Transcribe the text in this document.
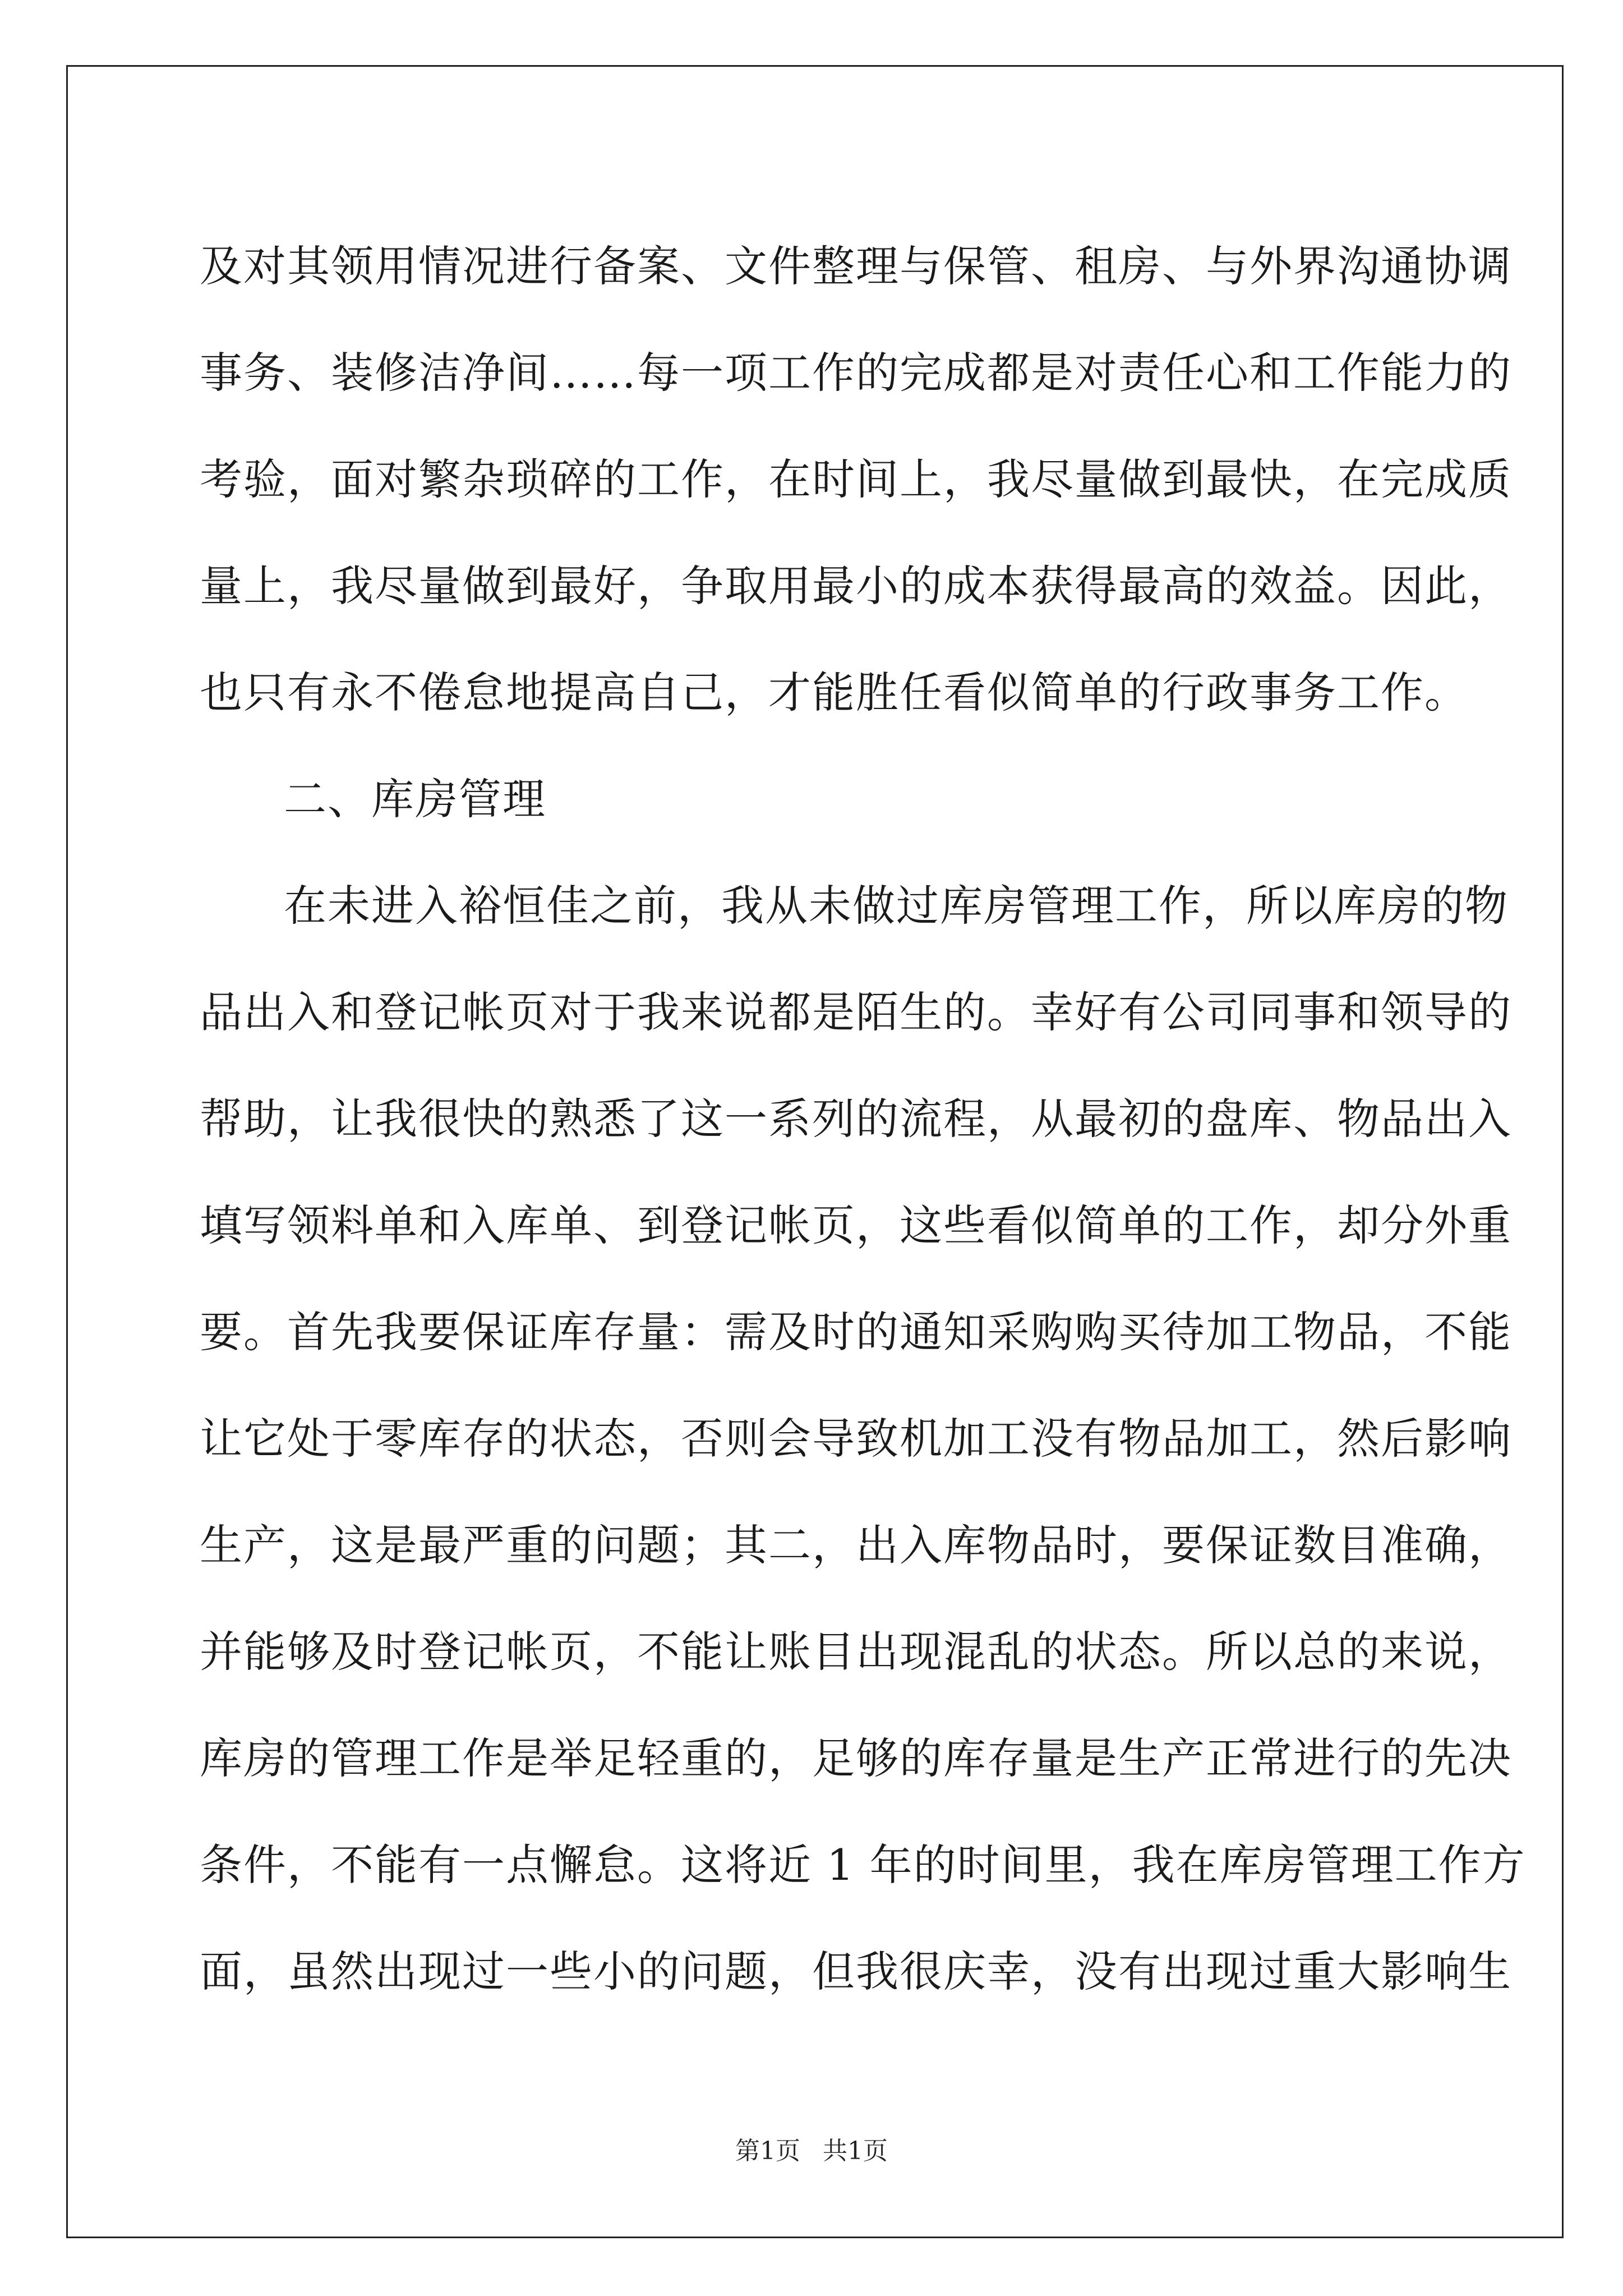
及对其领用情况进行备案、文件整理与保管、租房、与外界沟通协调
事务、装修洁净间……每一项工作的完成都是对责任心和工作能力的
考验，面对繁杂琐碎的工作，在时间上，我尽量做到最快，在完成质
量上，我尽量做到最好，争取用最小的成本获得最高的效益。因此，
也只有永不倦怠地提高自己，才能胜任看似简单的行政事务工作。
二、库房管理
在未进入裕恒佳之前，我从未做过库房管理工作，所以库房的物
品出入和登记帐页对于我来说都是陌生的。幸好有公司同事和领导的
帮助，让我很快的熟悉了这一系列的流程，从最初的盘库、物品出入
填写领料单和入库单、到登记帐页，这些看似简单的工作，却分外重
要。首先我要保证库存量：需及时的通知采购购买待加工物品，不能
让它处于零库存的状态，否则会导致机加工没有物品加工，然后影响
生产，这是最严重的问题；其二，出入库物品时，要保证数目准确，
并能够及时登记帐页，不能让账目出现混乱的状态。所以总的来说，
库房的管理工作是举足轻重的，足够的库存量是生产正常进行的先决
条件，不能有一点懈怠。这将近 1 年的时间里，我在库房管理工作方
面，虽然出现过一些小的问题，但我很庆幸，没有出现过重大影响生
第1页 共1页
